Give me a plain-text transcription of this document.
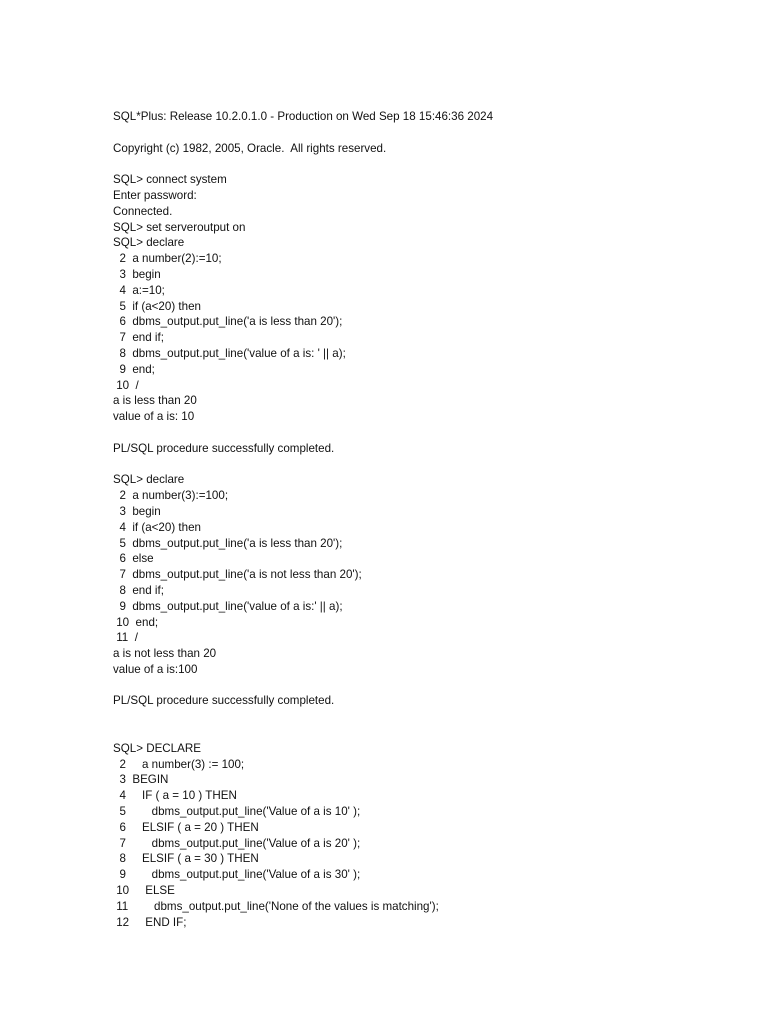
SQL*Plus: Release 10.2.0.1.0 - Production on Wed Sep 18 15:46:36 2024
Copyright (c) 1982, 2005, Oracle.  All rights reserved.
SQL> connect system
Enter password:
Connected.
SQL> set serveroutput on
SQL> declare
2  a number(2):=10;
3  begin
4  a:=10;
5  if (a<20) then
6  dbms_output.put_line('a is less than 20');
7  end if;
8  dbms_output.put_line('value of a is: ' || a);
9  end;
10  /
a is less than 20
value of a is: 10
PL/SQL procedure successfully completed.
SQL> declare
2  a number(3):=100;
3  begin
4  if (a<20) then
5  dbms_output.put_line('a is less than 20');
6  else
7  dbms_output.put_line('a is not less than 20');
8  end if;
9  dbms_output.put_line('value of a is:' || a);
10  end;
11  /
a is not less than 20
value of a is:100
PL/SQL procedure successfully completed.
SQL> DECLARE
2     a number(3) := 100;
3  BEGIN
4     IF ( a = 10 ) THEN
5        dbms_output.put_line('Value of a is 10' );
6     ELSIF ( a = 20 ) THEN
7        dbms_output.put_line('Value of a is 20' );
8     ELSIF ( a = 30 ) THEN
9        dbms_output.put_line('Value of a is 30' );
10     ELSE
11        dbms_output.put_line('None of the values is matching');
12     END IF;
